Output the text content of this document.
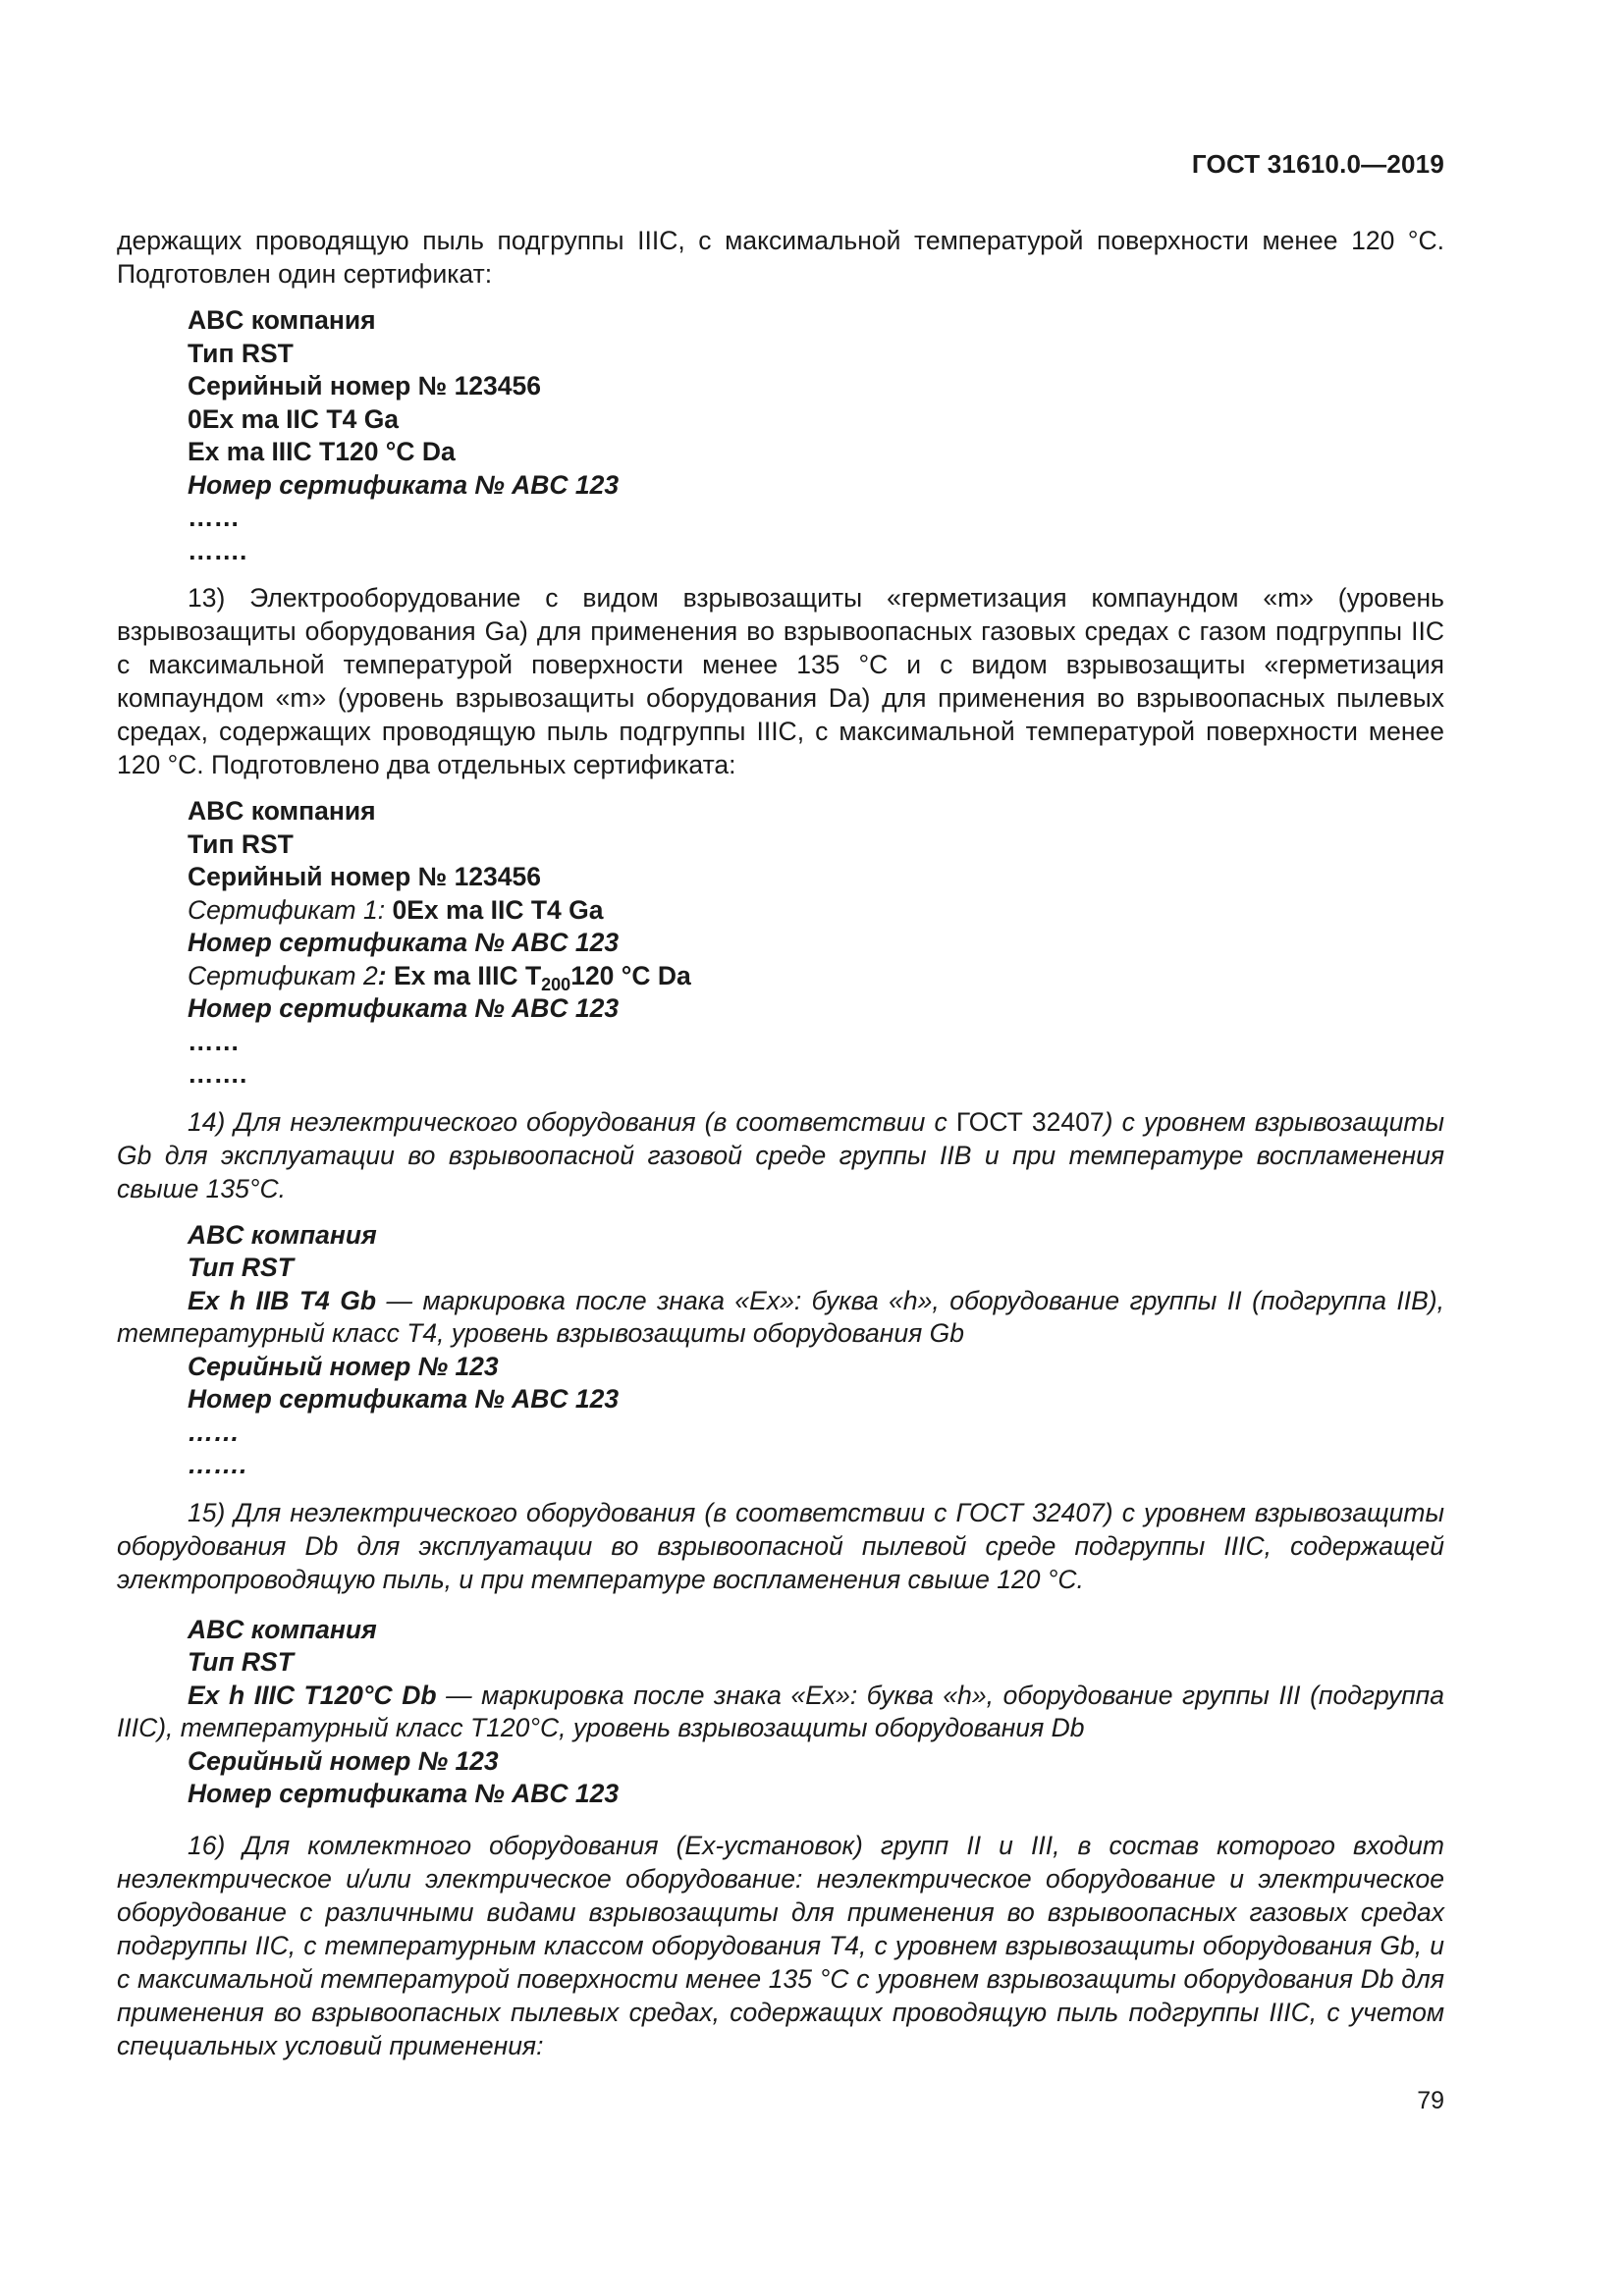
ГОСТ 31610.0—2019

держащих проводящую пыль подгруппы IIIC, с максимальной температурой поверхности менее 120 °C. Подготовлен один сертификат:

ABC компания
Тип RST
Серийный номер № 123456
0Ex ma IIC T4 Ga
Ex ma IIIC T120 °C Da
Номер сертификата № ABC 123
……
…….

13) Электрооборудование с видом взрывозащиты «герметизация компаундом «m» (уровень взрывозащиты оборудования Ga) для применения во взрывоопасных газовых средах с газом подгруппы IIC с максимальной температурой поверхности менее 135 °C и с видом взрывозащиты «герметизация компаундом «m» (уровень взрывозащиты оборудования Da) для применения во взрывоопасных пылевых средах, содержащих проводящую пыль подгруппы IIIC, с максимальной температурой поверхности менее 120 °C. Подготовлено два отдельных сертификата:

ABC компания
Тип RST
Серийный номер № 123456
Сертификат 1: 0Ex ma IIC T4 Ga
Номер сертификата № ABC 123
Сертификат 2: Ex ma IIIC $T_{200}120$ °C Da
Номер сертификата № ABC 123
……
…….

14) Для неэлектрического оборудования (в соответствии с ГОСТ 32407) с уровнем взрывозащиты Gb для эксплуатации во взрывоопасной газовой среде группы IIB и при температуре воспламенения свыше 135°C.

ABC компания
Тип RST
Ex h IIB T4 Gb — маркировка после знака «Ex»: буква «h», оборудование группы II (подгруппа IIB), температурный класс T4, уровень взрывозащиты оборудования Gb
Серийный номер № 123
Номер сертификата № ABC 123
……
…….

15) Для неэлектрического оборудования (в соответствии с ГОСТ 32407) с уровнем взрывозащиты оборудования Db для эксплуатации во взрывоопасной пылевой среде подгруппы IIIC, содержащей электропроводящую пыль, и при температуре воспламенения свыше 120 °C.

ABC компания
Тип RST
Ex h IIIC T120°C Db — маркировка после знака «Ex»: буква «h», оборудование группы III (подгруппа IIIC), температурный класс T120°C, уровень взрывозащиты оборудования Db
Серийный номер № 123
Номер сертификата № ABC 123

16) Для комлектного оборудования (Ex-установок) групп II и III, в состав которого входит неэлектрическое и/или электрическое оборудование: неэлектрическое оборудование и электрическое оборудование с различными видами взрывозащиты для применения во взрывоопасных газовых средах подгруппы IIC, с температурным классом оборудования T4, с уровнем взрывозащиты оборудования Gb, и с максимальной температурой поверхности менее 135 °C с уровнем взрывозащиты оборудования Db для применения во взрывоопасных пылевых средах, содержащих проводящую пыль подгруппы IIIC, с учетом специальных условий применения:

79
